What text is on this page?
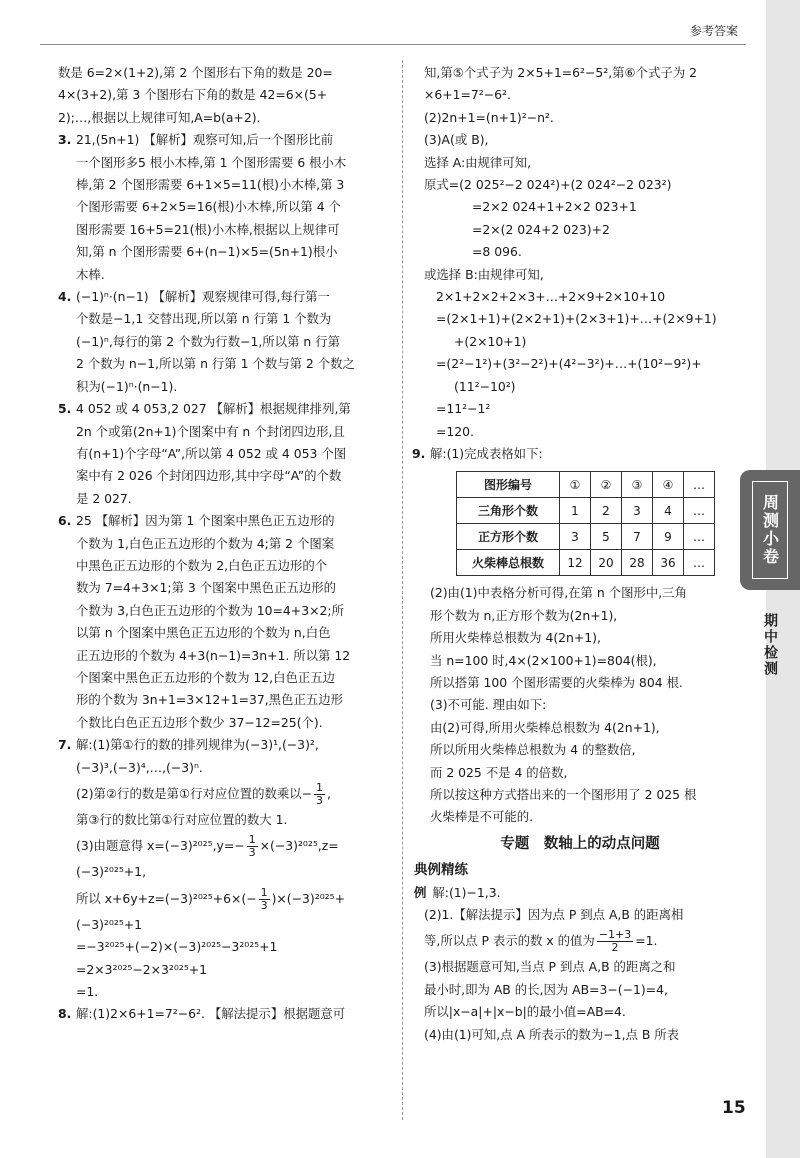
参考答案
数是 6=2×(1+2),第 2 个图形右下角的数是 20=
4×(3+2),第 3 个图形右下角的数是 42=6×(5+
2);…,根据以上规律可知,A=b(a+2).
3. 21,(5n+1) 【解析】观察可知,后一个图形比前
一个图形多5 根小木棒,第 1 个图形需要 6 根小木
棒,第 2 个图形需要 6+1×5=11(根)小木棒,第 3
个图形需要 6+2×5=16(根)小木棒,所以第 4 个
图形需要 16+5=21(根)小木棒,根据以上规律可
知,第 n 个图形需要 6+(n−1)×5=(5n+1)根小
木棒.
4. (−1)ⁿ·(n−1) 【解析】观察规律可得,每行第一
个数是−1,1 交替出现,所以第 n 行第 1 个数为
(−1)ⁿ,每行的第 2 个数为行数−1,所以第 n 行第
2 个数为 n−1,所以第 n 行第 1 个数与第 2 个数之
积为(−1)ⁿ·(n−1).
5. 4 052 或 4 053,2 027 【解析】根据规律排列,第
2n 个或第(2n+1)个图案中有 n 个封闭四边形,且
有(n+1)个字母“A”,所以第 4 052 或 4 053 个图
案中有 2 026 个封闭四边形,其中字母“A”的个数
是 2 027.
6. 25 【解析】因为第 1 个图案中黑色正五边形的
个数为 1,白色正五边形的个数为 4;第 2 个图案
中黑色正五边形的个数为 2,白色正五边形的个
数为 7=4+3×1;第 3 个图案中黑色正五边形的
个数为 3,白色正五边形的个数为 10=4+3×2;所
以第 n 个图案中黑色正五边形的个数为 n,白色
正五边形的个数为 4+3(n−1)=3n+1. 所以第 12
个图案中黑色正五边形的个数为 12,白色正五边
形的个数为 3n+1=3×12+1=37,黑色正五边形
个数比白色正五边形个数少 37−12=25(个).
7. 解:(1)第①行的数的排列规律为(−3)¹,(−3)²,
(−3)³,(−3)⁴,…,(−3)ⁿ.
(2)第②行的数是第①行对应位置的数乘以− $\frac{1}{3}$ ,
第③行的数比第①行对应位置的数大 1.
(3)由题意得 $x=(-3)^{2025},y=- \frac{1}{3} \times(-3)^{2025},z=$
(−3)²⁰²⁵+1,
所以 $x+6y+z=(-3)^{2025}+6\times(- \frac{1}{3} )\times(-3)^{2025}+$
(−3)²⁰²⁵+1
=−3²⁰²⁵+(−2)×(−3)²⁰²⁵−3²⁰²⁵+1
=2×3²⁰²⁵−2×3²⁰²⁵+1
=1.
8. 解:(1)2×6+1=7²−6². 【解法提示】根据题意可
知,第⑤个式子为 2×5+1=6²−5²,第⑥个式子为 2
×6+1=7²−6².
(2)2n+1=(n+1)²−n².
(3)A(或 B),
选择 A:由规律可知,
原式=(2 025²−2 024²)+(2 024²−2 023²)
=2×2 024+1+2×2 023+1
=2×(2 024+2 023)+2
=8 096.
或选择 B:由规律可知,
2×1+2×2+2×3+…+2×9+2×10+10
=(2×1+1)+(2×2+1)+(2×3+1)+…+(2×9+1)
+(2×10+1)
=(2²−1²)+(3²−2²)+(4²−3²)+…+(10²−9²)+
(11²−10²)
=11²−1²
=120.
9. 解:(1)完成表格如下:
图形编号	①	②	③	④	…
三角形个数	1	2	3	4	…
正方形个数	3	5	7	9	…
火柴棒总根数	12	20	28	36	…
(2)由(1)中表格分析可得,在第 n 个图形中,三角
形个数为 n,正方形个数为(2n+1),
所用火柴棒总根数为 4(2n+1),
当 n=100 时,4×(2×100+1)=804(根),
所以搭第 100 个图形需要的火柴棒为 804 根.
(3)不可能. 理由如下:
由(2)可得,所用火柴棒总根数为 4(2n+1),
所以所用火柴棒总根数为 4 的整数倍,
而 2 025 不是 4 的倍数,
所以按这种方式搭出来的一个图形用了 2 025 根
火柴棒是不可能的.
专题　数轴上的动点问题
典例精练
例 解:(1)−1,3.
(2)1.【解法提示】因为点 P 到点 A,B 的距离相
等,所以点 P 表示的数 x 的值为 $\frac{-1+3}{2} =1$.
(3)根据题意可知,当点 P 到点 A,B 的距离之和
最小时,即为 AB 的长,因为 AB=3−(−1)=4,
所以|x−a|+|x−b|的最小值=AB=4.
(4)由(1)可知,点 A 所表示的数为−1,点 B 所表
15
周测小卷
期中检测
